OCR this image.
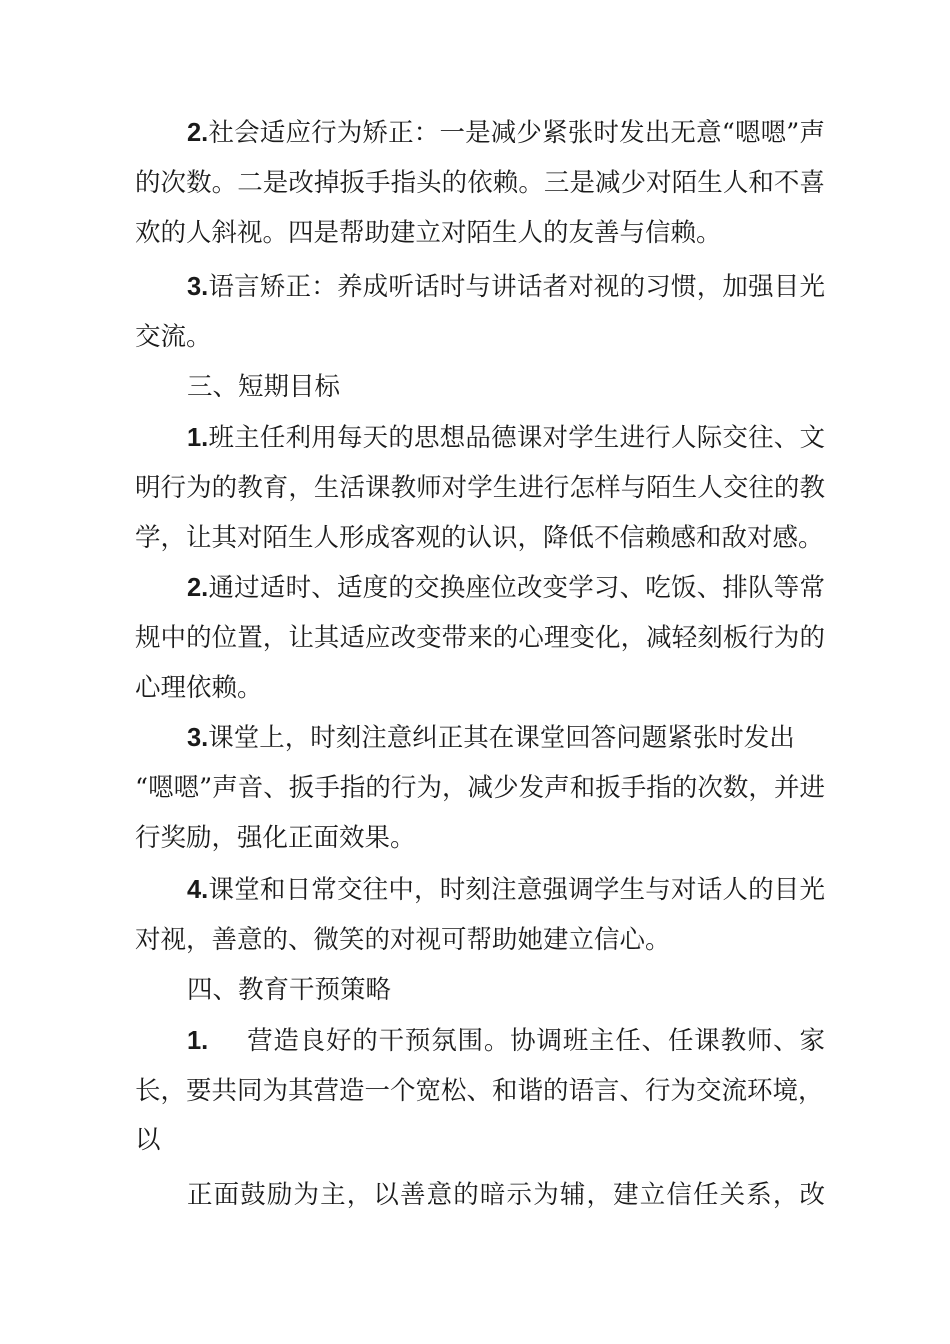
2.社会适应行为矫正：一是减少紧张时发出无意“嗯嗯”声
的次数。二是改掉扳手指头的依赖。三是减少对陌生人和不喜
欢的人斜视。四是帮助建立对陌生人的友善与信赖。
3.语言矫正：养成听话时与讲话者对视的习惯，加强目光
交流。
三、短期目标
1.班主任利用每天的思想品德课对学生进行人际交往、文
明行为的教育，生活课教师对学生进行怎样与陌生人交往的教
学，让其对陌生人形成客观的认识，降低不信赖感和敌对感。
2.通过适时、适度的交换座位改变学习、吃饭、排队等常
规中的位置，让其适应改变带来的心理变化，减轻刻板行为的
心理依赖。
3.课堂上，时刻注意纠正其在课堂回答问题紧张时发出
“嗯嗯”声音、扳手指的行为，减少发声和扳手指的次数，并进
行奖励，强化正面效果。
4.课堂和日常交往中，时刻注意强调学生与对话人的目光
对视，善意的、微笑的对视可帮助她建立信心。
四、教育干预策略
1. 营造良好的干预氛围。协调班主任、任课教师、家
长，要共同为其营造一个宽松、和谐的语言、行为交流环境，
以
正面鼓励为主，以善意的暗示为辅，建立信任关系，改
